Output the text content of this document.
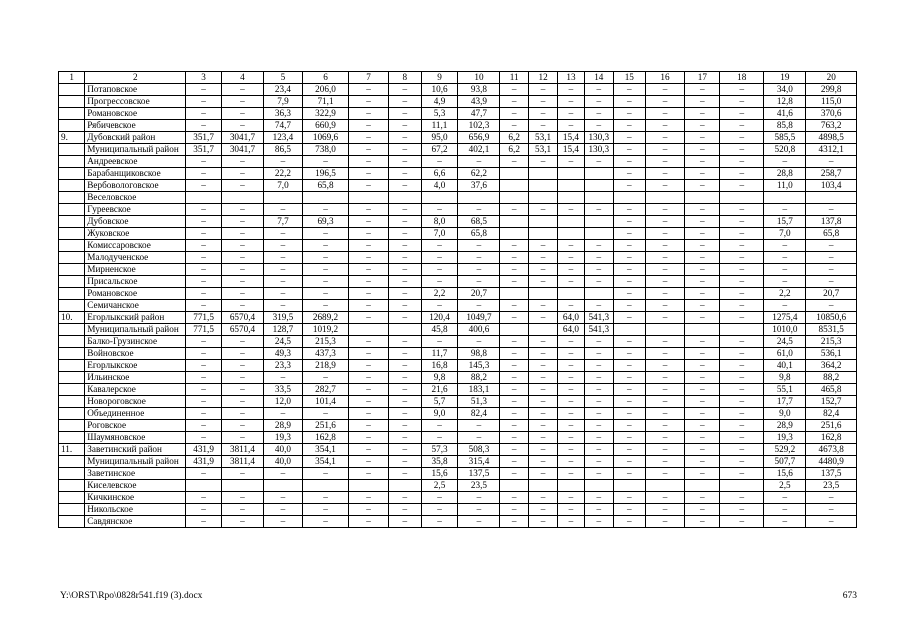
1	2	3	4	5	6	7	8	9	10	11	12	13	14	15	16	17	18	19	20
	Потаповское	–	–	23,4	206,0	–	–	10,6	93,8	–	–	–	–	–	–	–	–	34,0	299,8
	Прогрессовское	–	–	7,9	71,1	–	–	4,9	43,9	–	–	–	–	–	–	–	–	12,8	115,0
	Романовское	–	–	36,3	322,9	–	–	5,3	47,7	–	–	–	–	–	–	–	–	41,6	370,6
	Рябичевское	–	–	74,7	660,9	–	–	11,1	102,3	–	–	–	–	–	–	–	–	85,8	763,2
9.	Дубовский район	351,7	3041,7	123,4	1069,6	–	–	95,0	656,9	6,2	53,1	15,4	130,3	–	–	–	–	585,5	4898,5
	Муниципальный район	351,7	3041,7	86,5	738,0	–	–	67,2	402,1	6,2	53,1	15,4	130,3	–	–	–	–	520,8	4312,1
	Андреевское	–	–	–	–	–	–	–	–	–	–	–	–	–	–	–	–	–	–
	Барабанщиковское	–	–	22,2	196,5	–	–	6,6	62,2					–	–	–	–	28,8	258,7
	Вербовологовское	–	–	7,0	65,8	–	–	4,0	37,6					–	–	–	–	11,0	103,4
	Веселовское																		
	Гуреевское	–	–	–	–	–	–	–	–	–	–	–	–	–	–	–	–	–	–
	Дубовское	–	–	7,7	69,3	–	–	8,0	68,5					–	–	–	–	15,7	137,8
	Жуковское	–	–	–	–	–	–	7,0	65,8					–	–	–	–	7,0	65,8
	Комиссаровское	–	–	–	–	–	–	–	–	–	–	–	–	–	–	–	–	–	–
	Малодученское	–	–	–	–	–	–	–	–	–	–	–	–	–	–	–	–	–	–
	Мирненское	–	–	–	–	–	–	–	–	–	–	–	–	–	–	–	–	–	–
	Присальское	–	–	–	–	–	–	–	–	–	–	–	–	–	–	–	–	–	–
	Романовское	–	–	–	–	–	–	2,2	20,7					–	–	–	–	2,2	20,7
	Семичанское	–	–	–	–	–	–	–	–	–	–	–	–	–	–	–	–	–	–
10.	Егорлыкский район	771,5	6570,4	319,5	2689,2	–	–	120,4	1049,7	–	–	64,0	541,3	–	–	–	–	1275,4	10850,6
	Муниципальный район	771,5	6570,4	128,7	1019,2			45,8	400,6			64,0	541,3					1010,0	8531,5
	Балко-Грузинское	–	–	24,5	215,3	–	–	–	–	–	–	–	–	–	–	–	–	24,5	215,3
	Войновское	–	–	49,3	437,3	–	–	11,7	98,8	–	–	–	–	–	–	–	–	61,0	536,1
	Егорлыкское	–	–	23,3	218,9	–	–	16,8	145,3	–	–	–	–	–	–	–	–	40,1	364,2
	Ильинское	–	–	–	–	–	–	9,8	88,2	–	–	–	–	–	–	–	–	9,8	88,2
	Кавалерское	–	–	33,5	282,7	–	–	21,6	183,1	–	–	–	–	–	–	–	–	55,1	465,8
	Новороговское	–	–	12,0	101,4	–	–	5,7	51,3	–	–	–	–	–	–	–	–	17,7	152,7
	Объединенное	–	–	–	–	–	–	9,0	82,4	–	–	–	–	–	–	–	–	9,0	82,4
	Роговское	–	–	28,9	251,6	–	–	–	–	–	–	–	–	–	–	–	–	28,9	251,6
	Шаумяновское	–	–	19,3	162,8	–	–	–	–	–	–	–	–	–	–	–	–	19,3	162,8
11.	Заветинский район	431,9	3811,4	40,0	354,1	–	–	57,3	508,3	–	–	–	–	–	–	–	–	529,2	4673,8
	Муниципальный район	431,9	3811,4	40,0	354,1	–	–	35,8	315,4	–	–	–	–	–	–	–	–	507,7	4480,9
	Заветинское	–	–	–	–	–	–	15,6	137,5	–	–	–	–	–	–	–	–	15,6	137,5
	Киселевское							2,5	23,5									2,5	23,5
	Кичкинское	–	–	–	–	–	–	–	–	–	–	–	–	–	–	–	–	–	–
	Никольское	–	–	–	–	–	–	–	–	–	–	–	–	–	–	–	–	–	–
	Савдянское	–	–	–	–	–	–	–	–	–	–	–	–	–	–	–	–	–	–
Y:\ORST\Rpo\0828r541.f19 (3).docx	673
